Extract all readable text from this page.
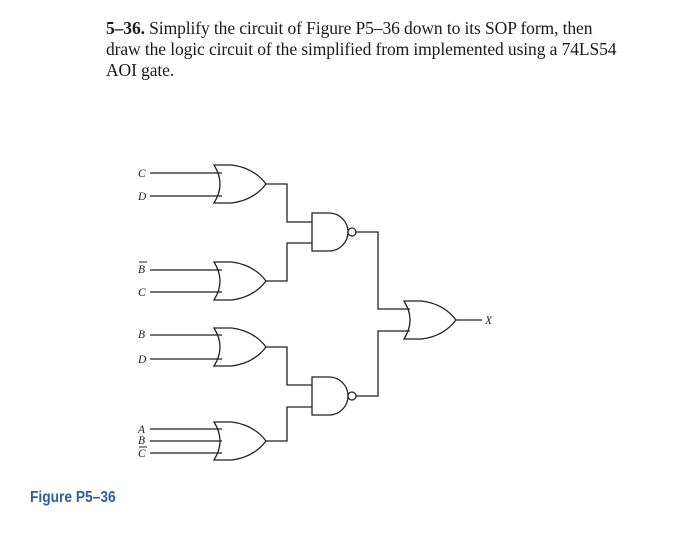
5–36. Simplify the circuit of Figure P5–36 down to its SOP form, then
draw the logic circuit of the simplified from implemented using a 74LS54
AOI gate.
C
D
B
C
B
D
A
B
C
X
Figure P5–36
